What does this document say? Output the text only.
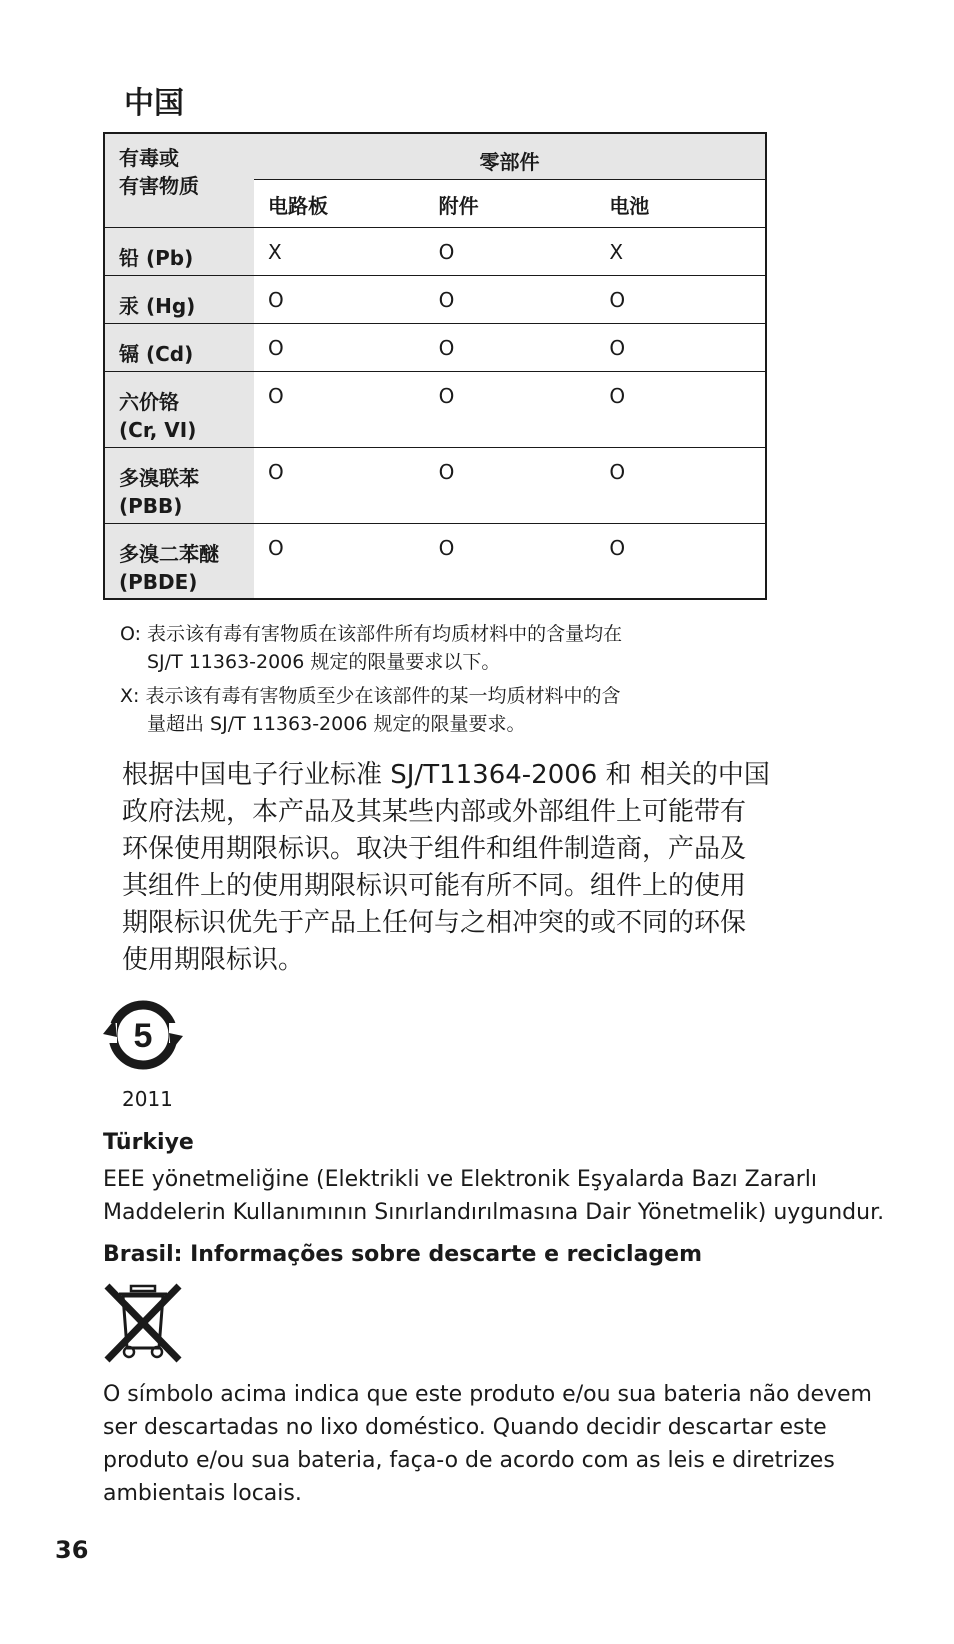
中国
有毒或
有害物质	零部件		
	电路板	附件	电池

铅 (Pb)	X	O	X

汞 (Hg)	O	O	O

镉 (Cd)	O	O	O

六价铬
(Cr, VI)	O	O	O

多溴联苯
(PBB)	O	O	O

多溴二苯醚
(PBDE)	O	O	O
O: 表示该有毒有害物质在该部件所有均质材料中的含量均在
SJ/T 11363-2006 规定的限量要求以下。
X: 表示该有毒有害物质至少在该部件的某一均质材料中的含
量超出 SJ/T 11363-2006 规定的限量要求。
根据中国电子行业标准 SJ/T11364-2006 和 相关的中国政府法规，本产品及其某些内部或外部组件上可能带有环保使用期限标识。取决于组件和组件制造商，产品及其组件上的使用期限标识可能有所不同。组件上的使用期限标识优先于产品上任何与之相冲突的或不同的环保使用期限标识。
5
2011
Türkiye
EEE yönetmeliğine (Elektrikli ve Elektronik Eşyalarda Bazı Zararlı Maddelerin Kullanımının Sınırlandırılmasına Dair Yönetmelik) uygundur.
Brasil: Informações sobre descarte e reciclagem
O símbolo acima indica que este produto e/ou sua bateria não devem ser descartadas no lixo doméstico. Quando decidir descartar este produto e/ou sua bateria, faça-o de acordo com as leis e diretrizes ambientais locais.
36
